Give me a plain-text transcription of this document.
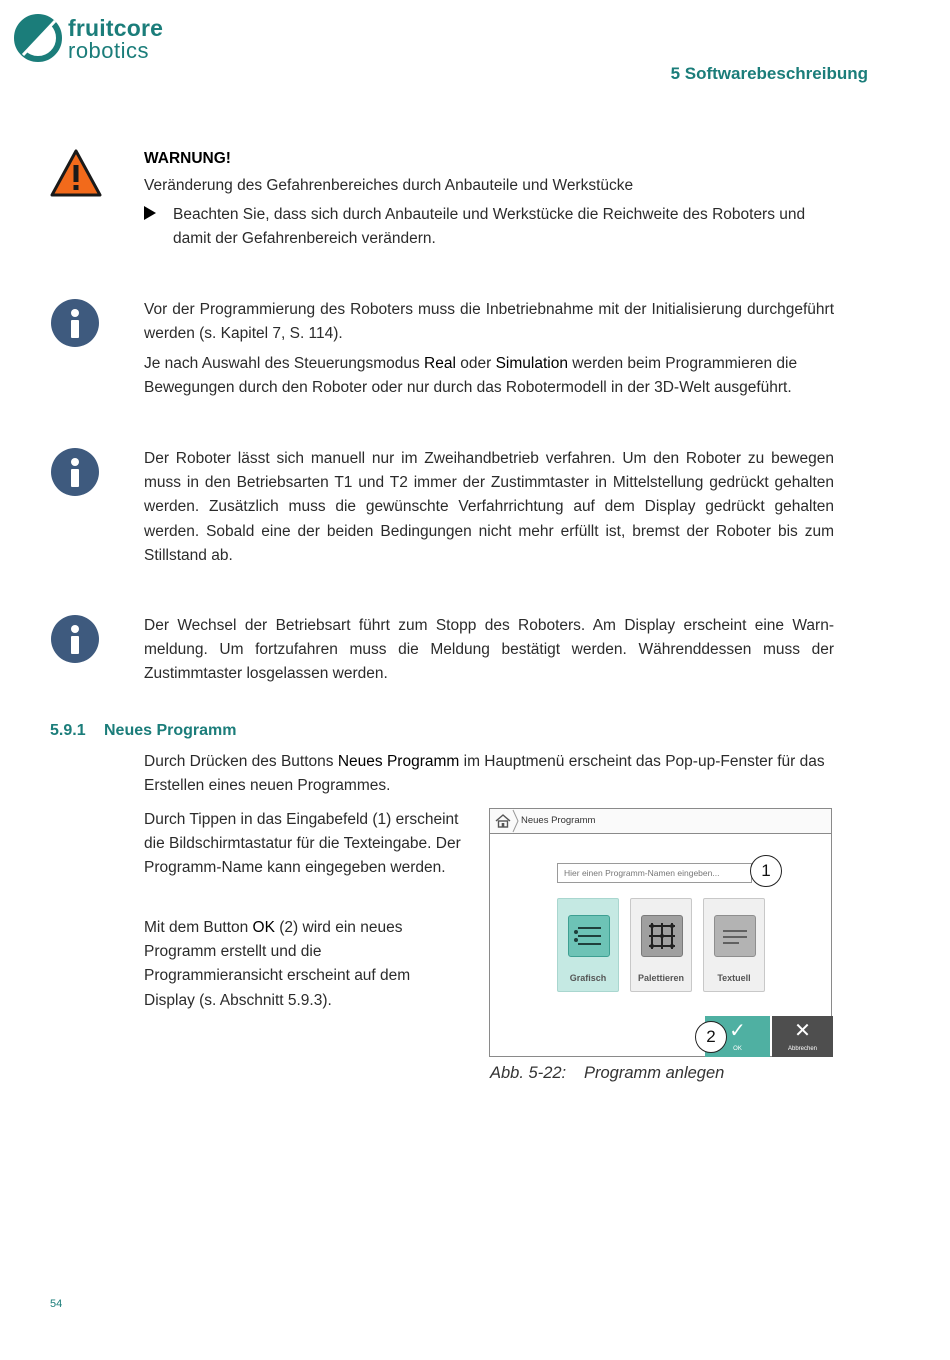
fruitcore
robotics
5 Softwarebeschreibung
WARNUNG!
Veränderung des Gefahrenbereiches durch Anbauteile und Werkstücke
Beachten Sie, dass sich durch Anbauteile und Werkstücke die Reichweite des Roboters und
damit der Gefahrenbereich verändern.
Vor der Programmierung des Roboters muss die Inbetriebnahme mit der Initialisierung durchgeführt werden (s. Kapitel 7, S. 114).
Je nach Auswahl des Steuerungsmodus Real oder Simulation werden beim Programmieren die Bewegungen durch den Roboter oder nur durch das Robotermodell in der 3D-Welt ausgeführt.
Der Roboter lässt sich manuell nur im Zweihandbetrieb verfahren. Um den Roboter zu bewegen muss in den Betriebsarten T1 und T2 immer der Zustimmtaster in Mittelstellung gedrückt gehalten werden. Zusätzlich muss die gewünschte Verfahrrichtung auf dem Display gedrückt gehalten werden. Sobald eine der beiden Bedingungen nicht mehr erfüllt ist, bremst der Roboter bis zum Stillstand ab.
Der Wechsel der Betriebsart führt zum Stopp des Roboters. Am Display erscheint eine Warn-meldung. Um fortzufahren muss die Meldung bestätigt werden. Währenddessen muss der Zustimmtaster losgelassen werden.
5.9.1 Neues Programm
Durch Drücken des Buttons Neues Programm im Hauptmenü erscheint das Pop-up-Fenster für das Erstellen eines neuen Programmes.
Durch Tippen in das Eingabefeld (1) erscheint die Bildschirmtastatur für die Texteingabe. Der Programm-Name kann eingegeben werden.
Mit dem Button OK (2) wird ein neues Programm erstellt und die Programmieransicht erscheint auf dem Display (s. Abschnitt 5.9.3).
Neues Programm
Hier einen Programm-Namen eingeben...
Grafisch	Palettieren	Textuell
✓
OK
✕
Abbrechen
1
2
Abb. 5-22: Programm anlegen
54
